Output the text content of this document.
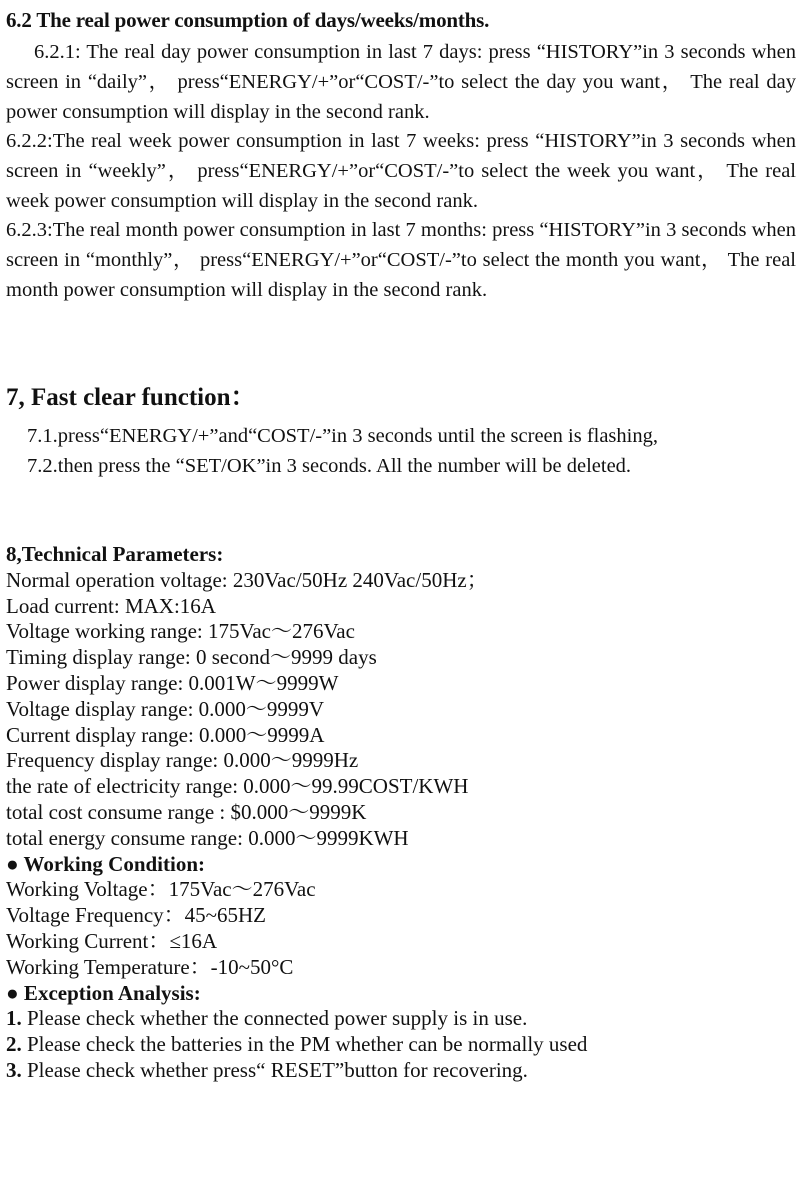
6.2 The real power consumption of days/weeks/months.
6.2.1: The real day power consumption in last 7 days: press “HISTORY”in 3 seconds when screen in “daily”， press“ENERGY/+”or“COST/-”to select the day you want， The real day power consumption will display in the second rank.
6.2.2:The real week power consumption in last 7 weeks: press “HISTORY”in 3 seconds when screen in “weekly”， press“ENERGY/+”or“COST/-”to select the week you want， The real week power consumption will display in the second rank.
6.2.3:The real month power consumption in last 7 months: press “HISTORY”in 3 seconds when screen in “monthly”， press“ENERGY/+”or“COST/-”to select the month you want， The real month power consumption will display in the second rank.
7, Fast clear function：
7.1.press“ENERGY/+”and“COST/-”in 3 seconds until the screen is flashing,
7.2.then press the “SET/OK”in 3 seconds. All the number will be deleted.
8,Technical Parameters:
Normal operation voltage: 230Vac/50Hz 240Vac/50Hz；
Load current: MAX:16A
Voltage working range: 175Vac～276Vac
Timing display range: 0 second～9999 days
Power display range: 0.001W～9999W
Voltage display range: 0.000～9999V
Current display range: 0.000～9999A
Frequency display range: 0.000～9999Hz
the rate of electricity range: 0.000～99.99COST/KWH
total cost consume range : $0.000～9999K
total energy consume range: 0.000～9999KWH
● Working Condition:
Working Voltage：175Vac～276Vac
Voltage Frequency：45~65HZ
Working Current：≤16A
Working Temperature：-10~50°C
● Exception Analysis:
1. Please check whether the connected power supply is in use.
2. Please check the batteries in the PM whether can be normally used
3. Please check whether press“ RESET”button for recovering.
